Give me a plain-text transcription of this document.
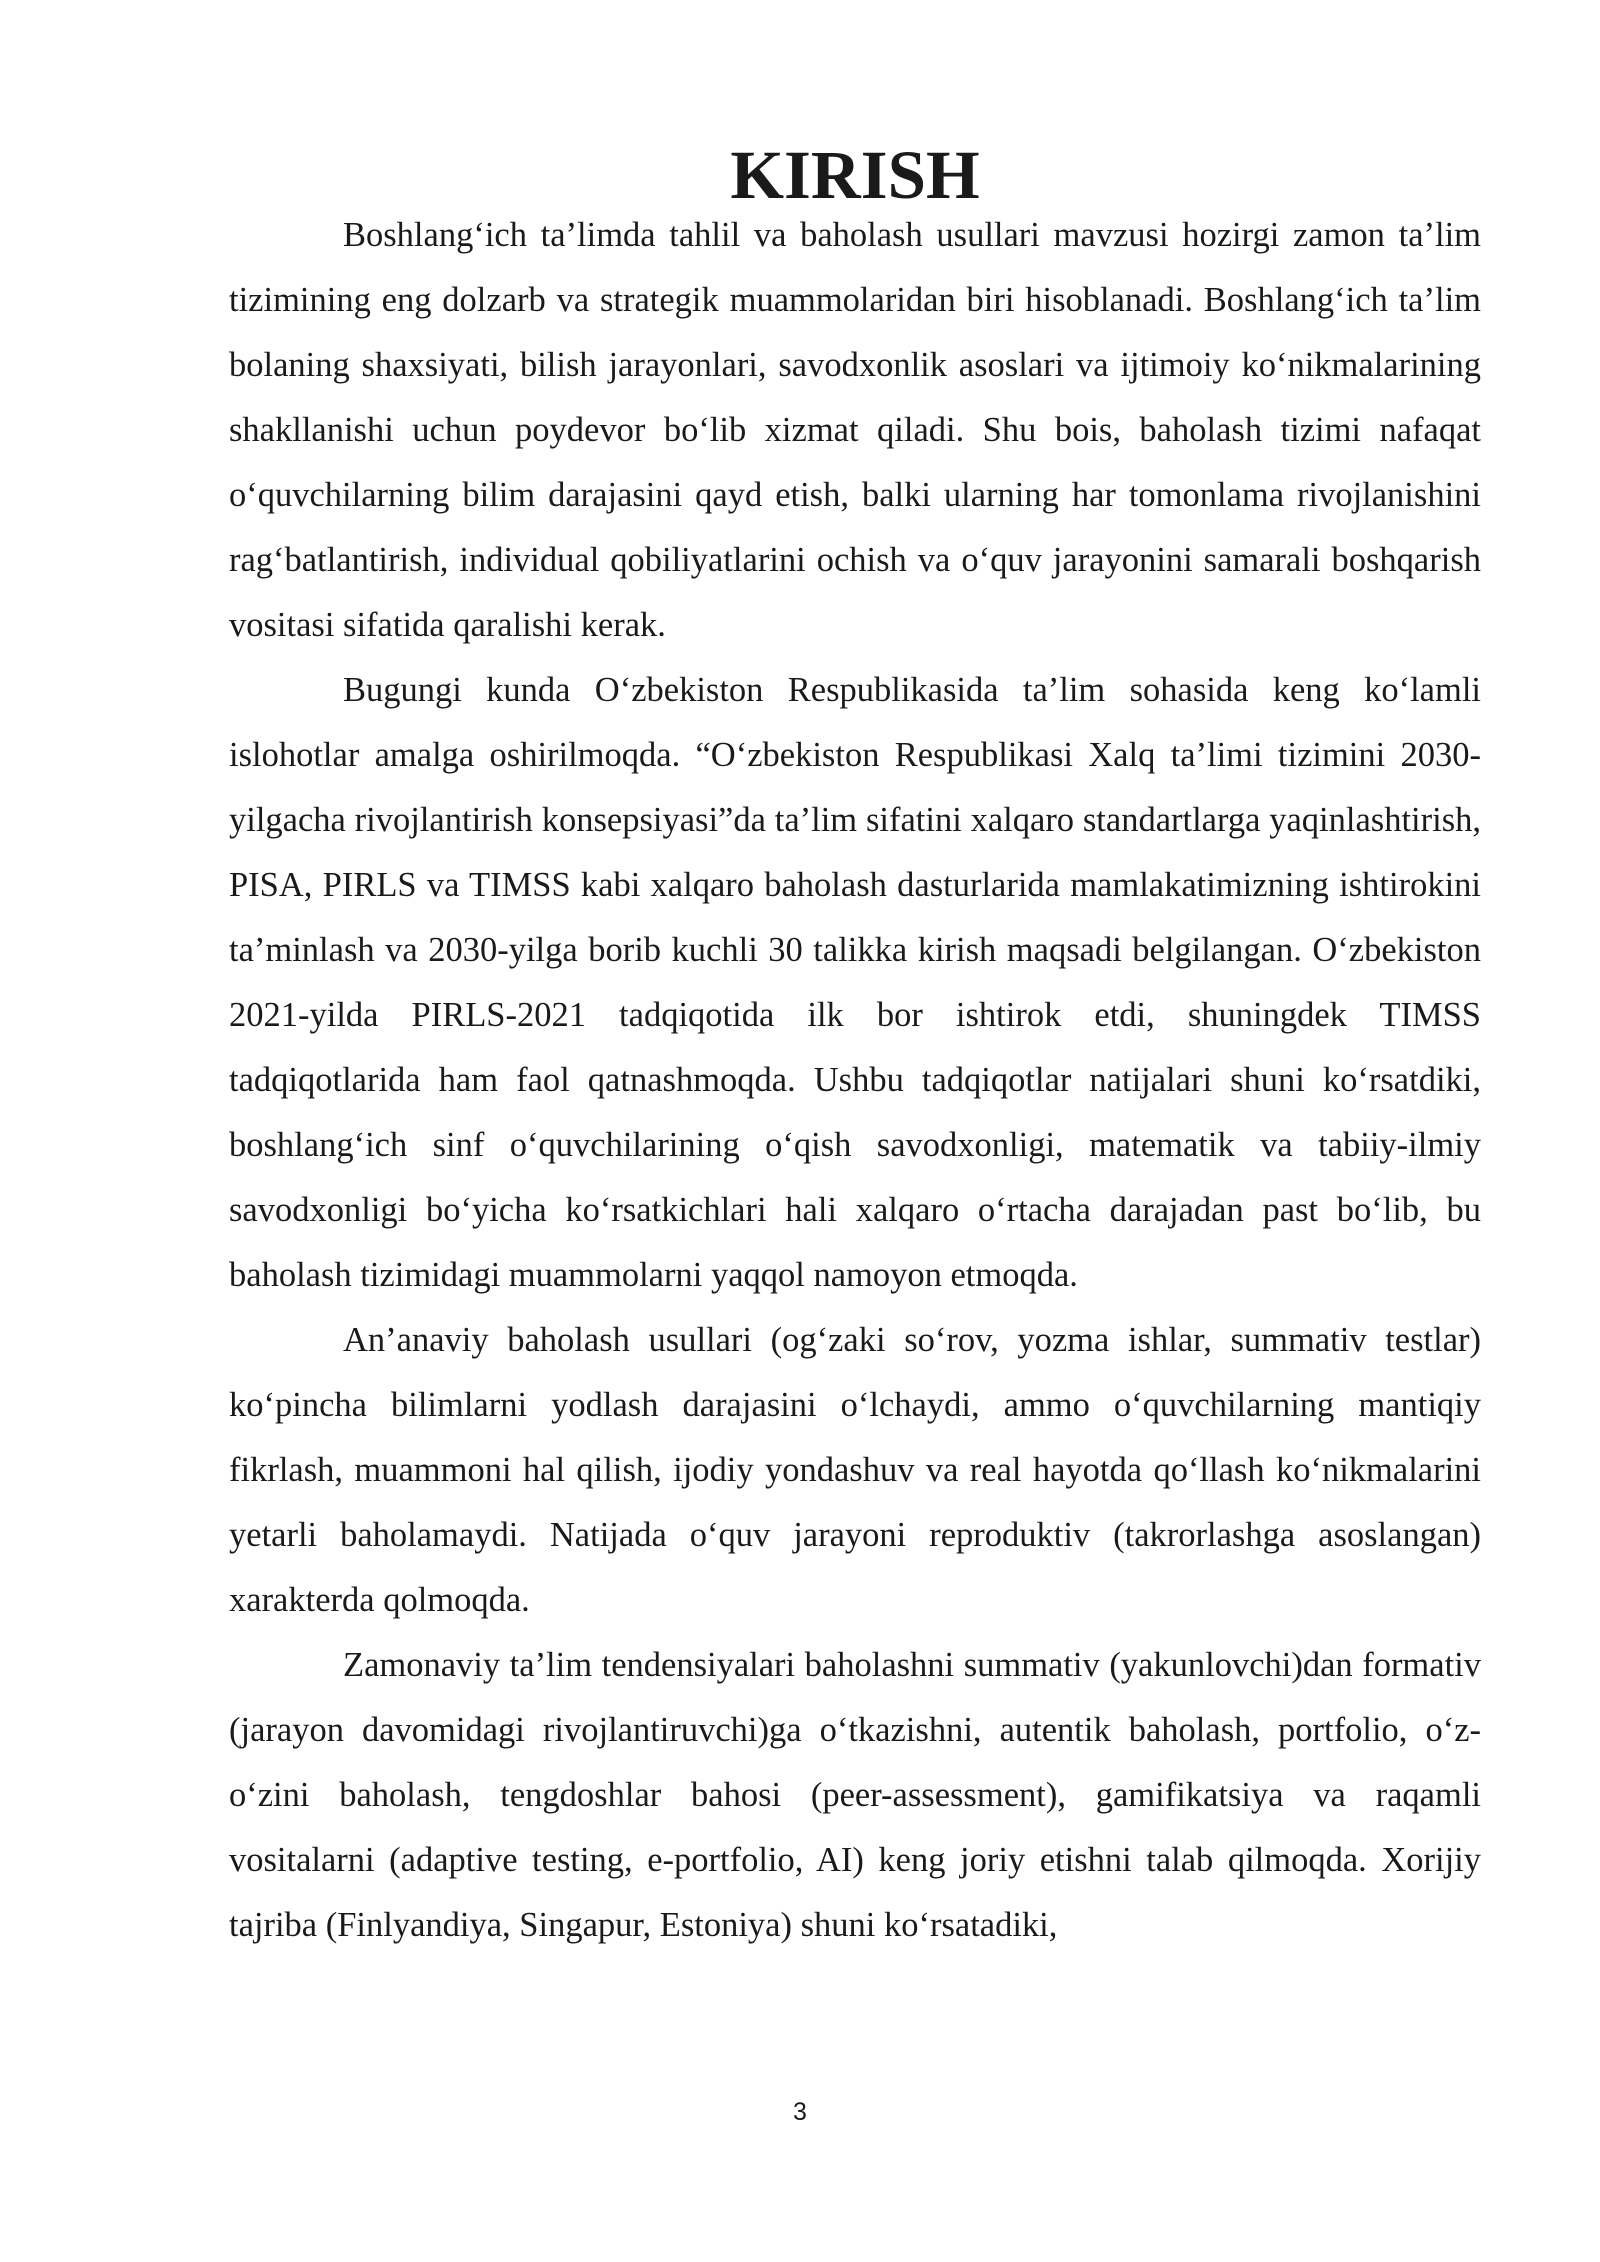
KIRISH

Boshlang‘ich ta’limda tahlil va baholash usullari mavzusi hozirgi zamon ta’lim tizimining eng dolzarb va strategik muammolaridan biri hisoblanadi. Boshlang‘ich ta’lim bolaning shaxsiyati, bilish jarayonlari, savodxonlik asoslari va ijtimoiy ko‘nikmalarining shakllanishi uchun poydevor bo‘lib xizmat qiladi. Shu bois, baholash tizimi nafaqat o‘quvchilarning bilim darajasini qayd etish, balki ularning har tomonlama rivojlanishini rag‘batlantirish, individual qobiliyatlarini ochish va o‘quv jarayonini samarali boshqarish vositasi sifatida qaralishi kerak.

Bugungi kunda O‘zbekiston Respublikasida ta’lim sohasida keng ko‘lamli islohotlar amalga oshirilmoqda. “O‘zbekiston Respublikasi Xalq ta’limi tizimini 2030-yilgacha rivojlantirish konsepsiyasi”da ta’lim sifatini xalqaro standartlarga yaqinlashtirish, PISA, PIRLS va TIMSS kabi xalqaro baholash dasturlarida mamlakatimizning ishtirokini ta’minlash va 2030-yilga borib kuchli 30 talikka kirish maqsadi belgilangan. O‘zbekiston 2021-yilda PIRLS-2021 tadqiqotida ilk bor ishtirok etdi, shuningdek TIMSS tadqiqotlarida ham faol qatnashmoqda. Ushbu tadqiqotlar natijalari shuni ko‘rsatdiki, boshlang‘ich sinf o‘quvchilarining o‘qish savodxonligi, matematik va tabiiy-ilmiy savodxonligi bo‘yicha ko‘rsatkichlari hali xalqaro o‘rtacha darajadan past bo‘lib, bu baholash tizimidagi muammolarni yaqqol namoyon etmoqda.

An’anaviy baholash usullari (og‘zaki so‘rov, yozma ishlar, summativ testlar) ko‘pincha bilimlarni yodlash darajasini o‘lchaydi, ammo o‘quvchilarning mantiqiy fikrlash, muammoni hal qilish, ijodiy yondashuv va real hayotda qo‘llash ko‘nikmalarini yetarli baholamaydi. Natijada o‘quv jarayoni reproduktiv (takrorlashga asoslangan) xarakterda qolmoqda.

Zamonaviy ta’lim tendensiyalari baholashni summativ (yakunlovchi)dan formativ (jarayon davomidagi rivojlantiruvchi)ga o‘tkazishni, autentik baholash, portfolio, o‘z-o‘zini baholash, tengdoshlar bahosi (peer-assessment), gamifikatsiya va raqamli vositalarni (adaptive testing, e-portfolio, AI) keng joriy etishni talab qilmoqda. Xorijiy tajriba (Finlyandiya, Singapur, Estoniya) shuni ko‘rsatadiki,

3
